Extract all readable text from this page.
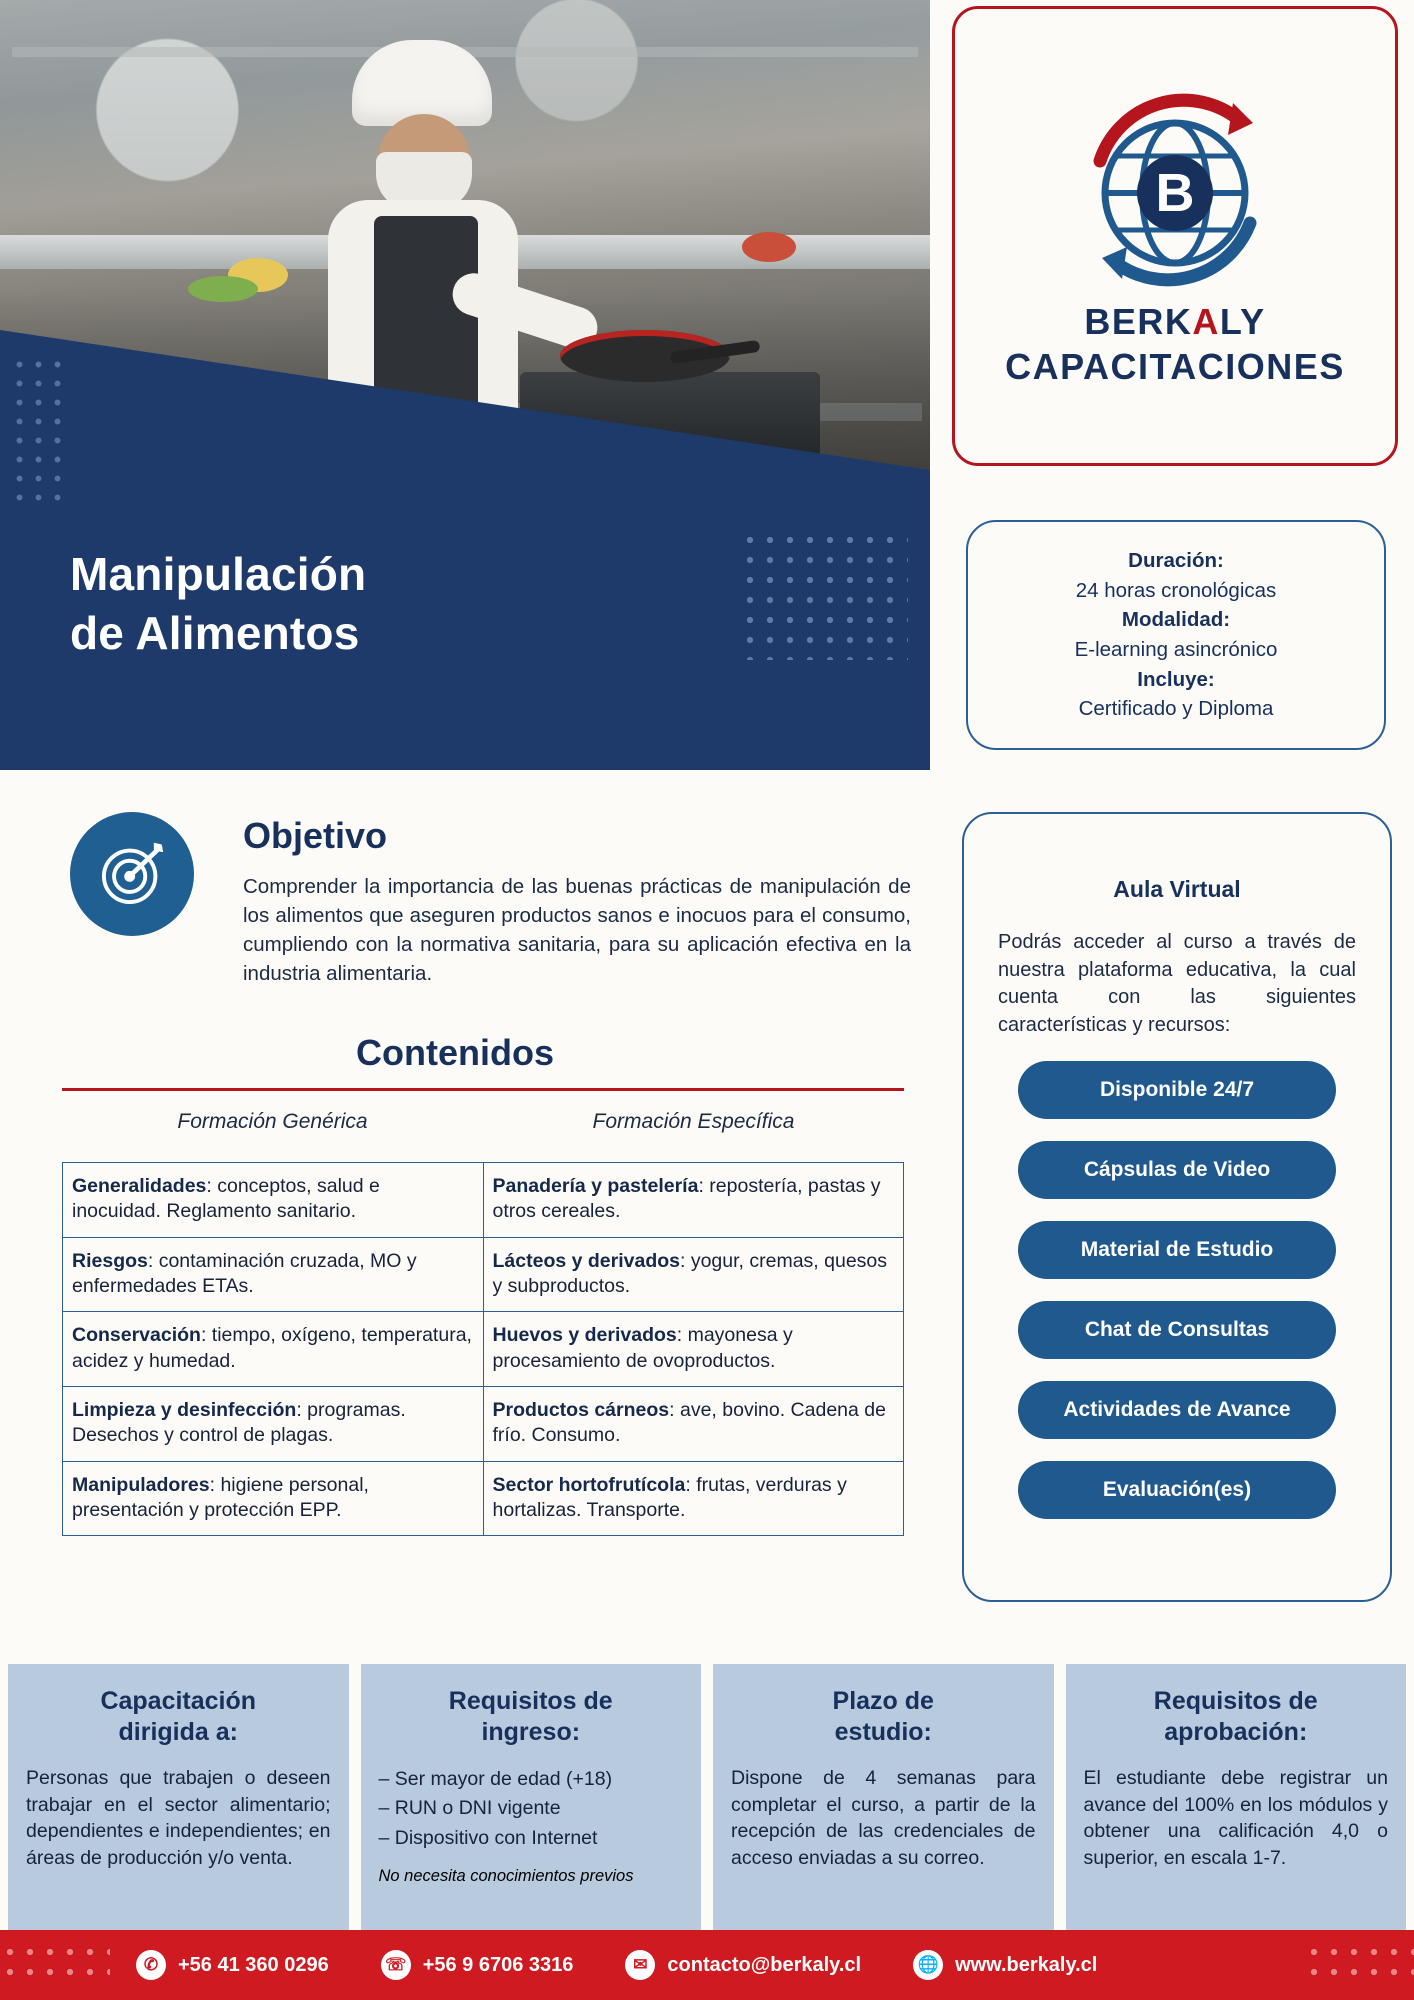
Manipulación
de Alimentos
B
BERKALY
CAPACITACIONES
Duración:
24 horas cronológicas
Modalidad:
E-learning asincrónico
Incluye:
Certificado y Diploma
Objetivo
Comprender la importancia de las buenas prácticas de manipulación de los alimentos que aseguren productos sanos e inocuos para el consumo, cumpliendo con la normativa sanitaria, para su aplicación efectiva en la industria alimentaria.
Contenidos
Formación Genérica	Formación Específica
Generalidades: conceptos, salud e inocuidad. Reglamento sanitario.	Panadería y pastelería: repostería, pastas y otros cereales.
Riesgos: contaminación cruzada, MO y enfermedades ETAs.	Lácteos y derivados: yogur, cremas, quesos y subproductos.
Conservación: tiempo, oxígeno, temperatura, acidez y humedad.	Huevos y derivados: mayonesa y procesamiento de ovoproductos.
Limpieza y desinfección: programas. Desechos y control de plagas.	Productos cárneos: ave, bovino. Cadena de frío. Consumo.
Manipuladores: higiene personal, presentación y protección EPP.	Sector hortofrutícola: frutas, verduras y hortalizas. Transporte.
Aula Virtual

Podrás acceder al curso a través de nuestra plataforma educativa, la cual cuenta con las siguientes características y recursos:

Disponible 24/7
Cápsulas de Video
Material de Estudio
Chat de Consultas
Actividades de Avance
Evaluación(es)
Capacitación
dirigida a:

Personas que trabajen o deseen trabajar en el sector alimentario; dependientes e independientes; en áreas de producción y/o venta.

Requisitos de
ingreso:
– Ser mayor de edad (+18)
– RUN o DNI vigente
– Dispositivo con Internet
No necesita conocimientos previos
Plazo de
estudio:

Dispone de 4 semanas para completar el curso, a partir de la recepción de las credenciales de acceso enviadas a su correo.

Requisitos de
aprobación:

El estudiante debe registrar un avance del 100% en los módulos y obtener una calificación 4,0 o superior, en escala 1-7.

✆ +56 41 360 0296	☏ +56 9 6706 3316	✉ contacto@berkaly.cl	🌐 www.berkaly.cl
